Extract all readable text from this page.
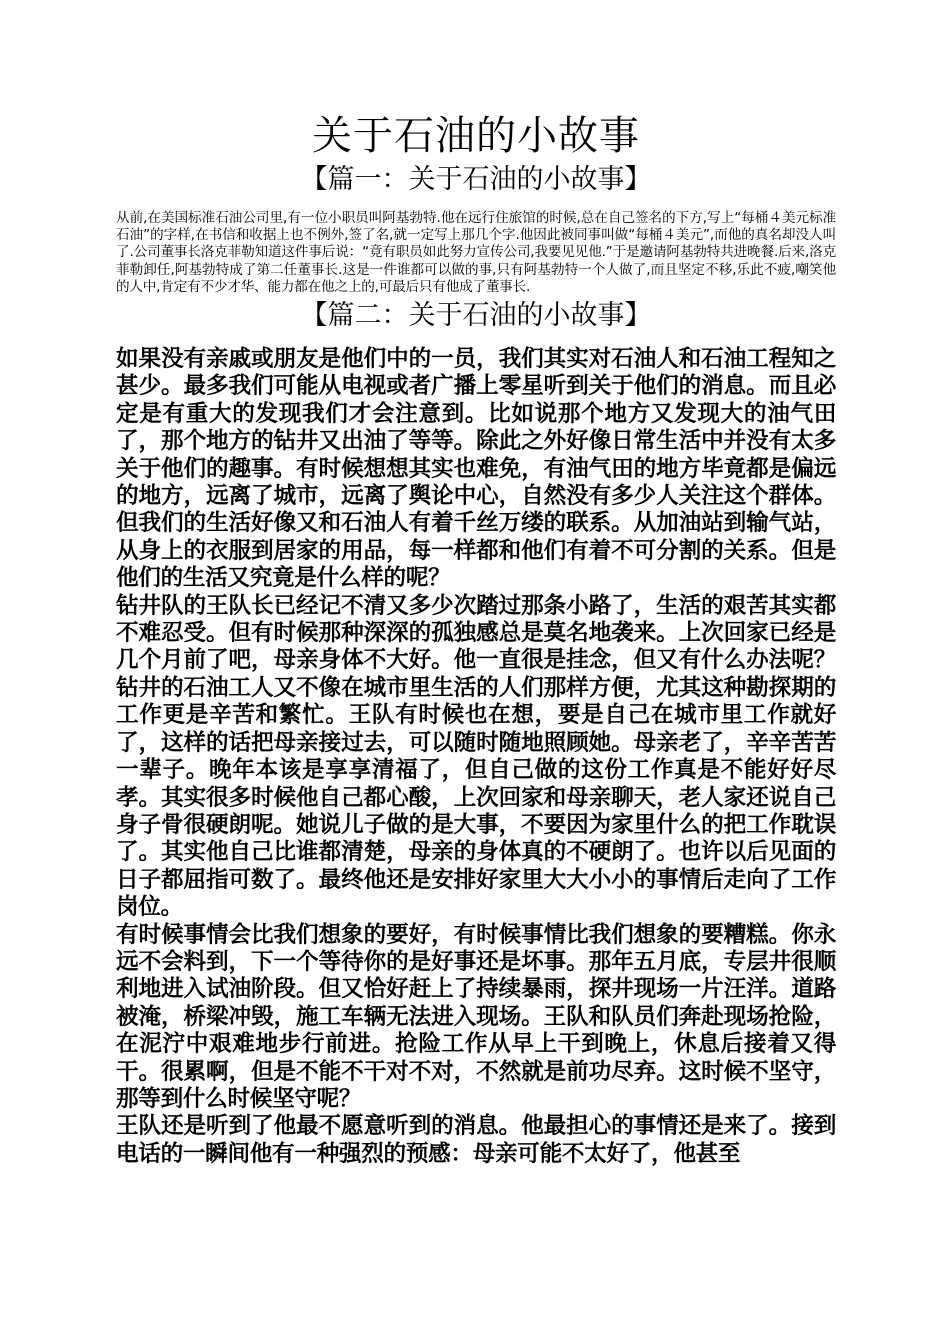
关于石油的小故事
【篇一：关于石油的小故事】

从前,在美国标准石油公司里,有一位小职员叫阿基勃特.他在远行住旅馆的时候,总在自己签名的下方,写上“每桶４美元标准石油”的字样,在书信和收据上也不例外,签了名,就一定写上那几个字.他因此被同事叫做“每桶４美元”,而他的真名却没人叫了.公司董事长洛克菲勒知道这件事后说：“竟有职员如此努力宣传公司,我要见见他.”于是邀请阿基勃特共进晚餐.后来,洛克菲勒卸任,阿基勃特成了第二任董事长.这是一件谁都可以做的事,只有阿基勃特一个人做了,而且坚定不移,乐此不疲,嘲笑他的人中,肯定有不少才华、能力都在他之上的,可最后只有他成了董事长.

【篇二：关于石油的小故事】

如果没有亲戚或朋友是他们中的一员，我们其实对石油人和石油工程知之甚少。最多我们可能从电视或者广播上零星听到关于他们的消息。而且必定是有重大的发现我们才会注意到。比如说那个地方又发现大的油气田了，那个地方的钻井又出油了等等。除此之外好像日常生活中并没有太多关于他们的趣事。有时候想想其实也难免，有油气田的地方毕竟都是偏远的地方，远离了城市，远离了舆论中心，自然没有多少人关注这个群体。但我们的生活好像又和石油人有着千丝万缕的联系。从加油站到输气站，从身上的衣服到居家的用品，每一样都和他们有着不可分割的关系。但是他们的生活又究竟是什么样的呢？

钻井队的王队长已经记不清又多少次踏过那条小路了，生活的艰苦其实都不难忍受。但有时候那种深深的孤独感总是莫名地袭来。上次回家已经是几个月前了吧，母亲身体不大好。他一直很是挂念，但又有什么办法呢？钻井的石油工人又不像在城市里生活的人们那样方便，尤其这种勘探期的工作更是辛苦和繁忙。王队有时候也在想，要是自己在城市里工作就好了，这样的话把母亲接过去，可以随时随地照顾她。母亲老了，辛辛苦苦一辈子。晚年本该是享享清福了，但自己做的这份工作真是不能好好尽孝。其实很多时候他自己都心酸，上次回家和母亲聊天，老人家还说自己身子骨很硬朗呢。她说儿子做的是大事，不要因为家里什么的把工作耽误了。其实他自己比谁都清楚，母亲的身体真的不硬朗了。也许以后见面的日子都屈指可数了。最终他还是安排好家里大大小小的事情后走向了工作岗位。

有时候事情会比我们想象的要好，有时候事情比我们想象的要糟糕。你永远不会料到，下一个等待你的是好事还是坏事。那年五月底，专层井很顺利地进入试油阶段。但又恰好赶上了持续暴雨，探井现场一片汪洋。道路被淹，桥梁冲毁，施工车辆无法进入现场。王队和队员们奔赴现场抢险，在泥泞中艰难地步行前进。抢险工作从早上干到晚上，休息后接着又得干。很累啊，但是不能不干对不对，不然就是前功尽弃。这时候不坚守，那等到什么时候坚守呢？

王队还是听到了他最不愿意听到的消息。他最担心的事情还是来了。接到电话的一瞬间他有一种强烈的预感：母亲可能不太好了，他甚至
